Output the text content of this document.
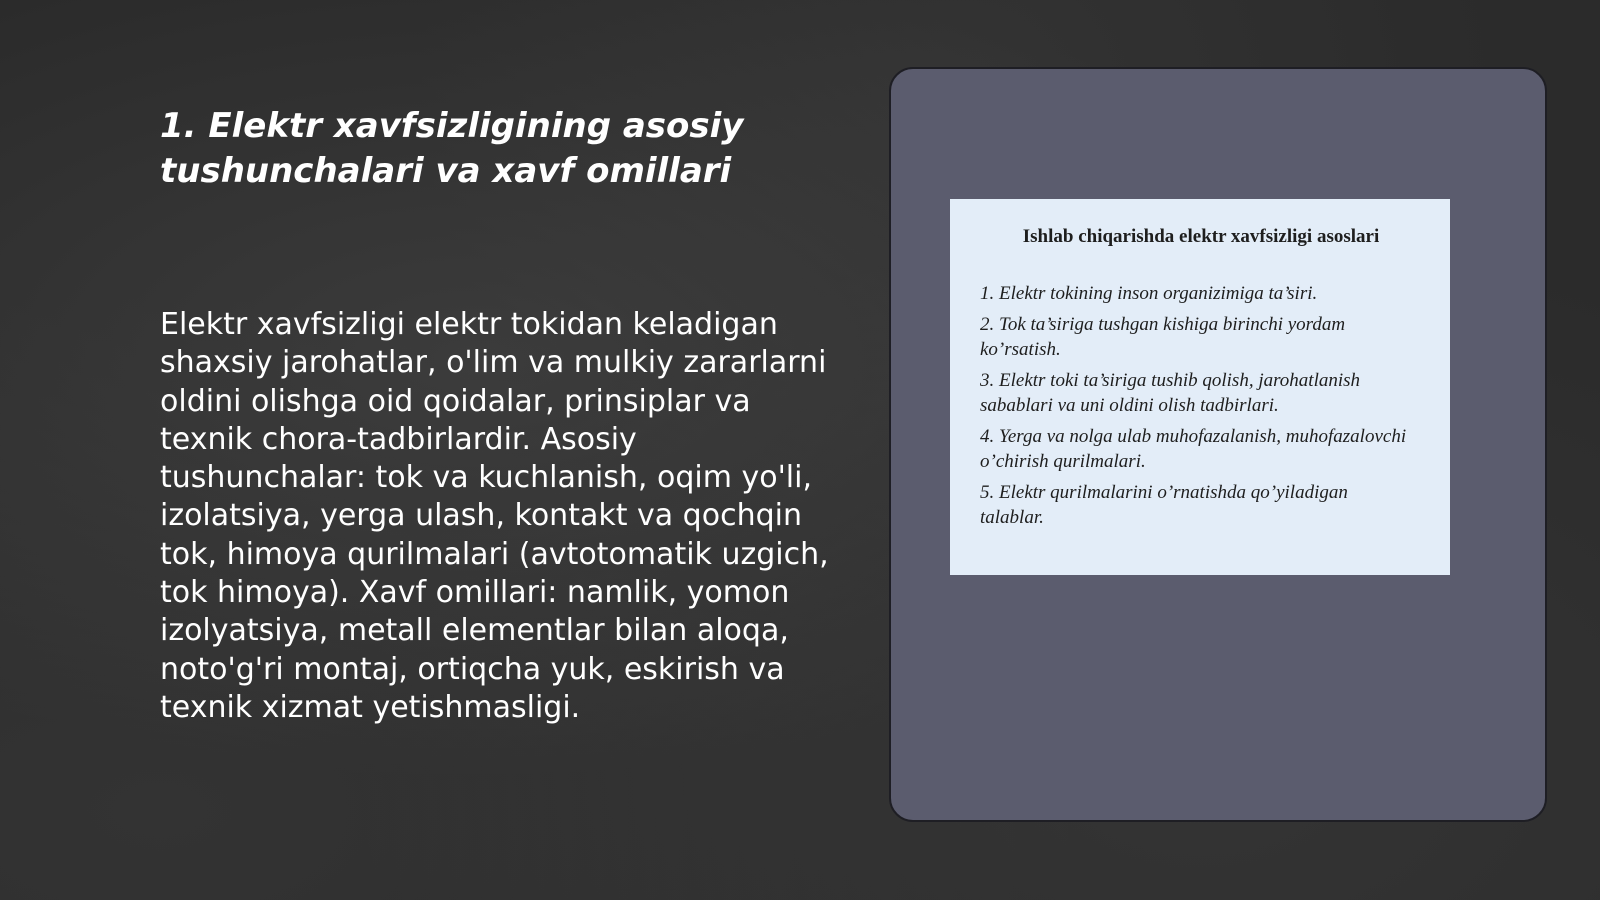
1. Elektr xavfsizligining asosiy tushunchalari va xavf omillari

Elektr xavfsizligi elektr tokidan keladigan shaxsiy jarohatlar, o'lim va mulkiy zararlarni oldini olishga oid qoidalar, prinsiplar va texnik chora-tadbirlardir. Asosiy tushunchalar: tok va kuchlanish, oqim yo'li, izolatsiya, yerga ulash, kontakt va qochqin tok, himoya qurilmalari (avtotomatik uzgich, tok himoya). Xavf omillari: namlik, yomon izolyatsiya, metall elementlar bilan aloqa, noto'g'ri montaj, ortiqcha yuk, eskirish va texnik xizmat yetishmasligi.

Ishlab chiqarishda elektr xavfsizligi asoslari
1. Elektr tokining inson organizimiga ta’siri.
2. Tok ta’siriga tushgan kishiga birinchi yordam ko’rsatish.
3. Elektr toki ta’siriga tushib qolish, jarohatlanish sabablari va uni oldini olish tadbirlari.
4. Yerga va nolga ulab muhofazalanish, muhofazalovchi o’chirish qurilmalari.
5. Elektr qurilmalarini o’rnatishda qo’yiladigan talablar.
